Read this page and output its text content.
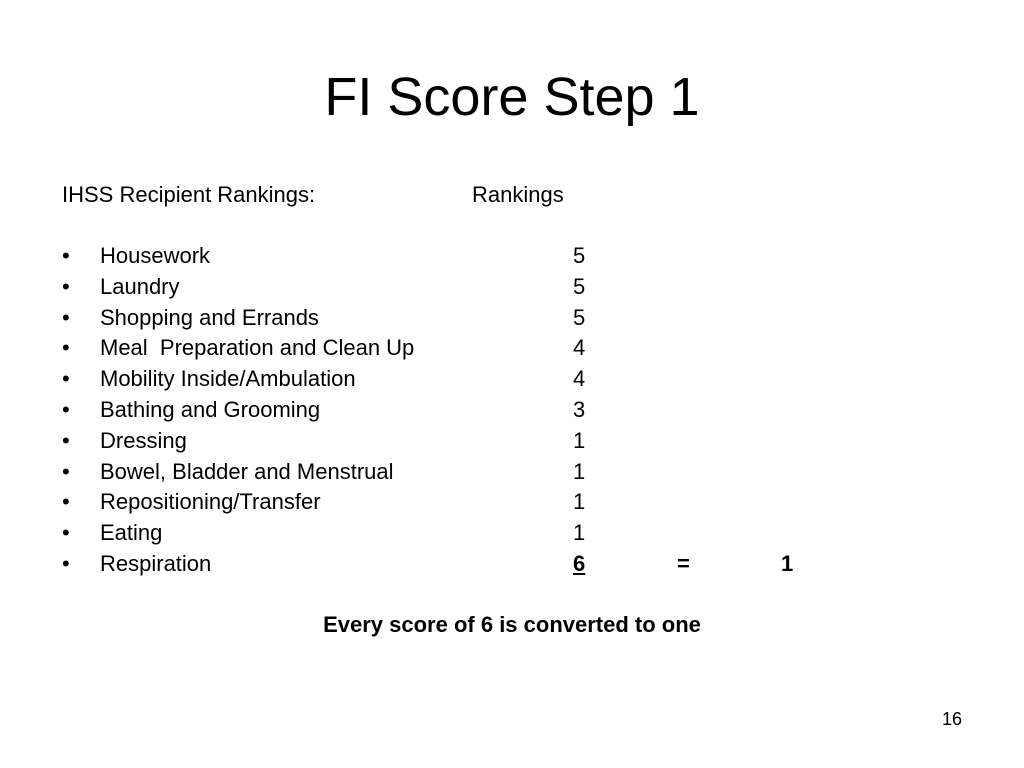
FI Score Step 1
IHSS Recipient Rankings:	Rankings
• Housework	5
• Laundry	5
• Shopping and Errands	5
• Meal  Preparation and Clean Up	4
• Mobility Inside/Ambulation	4
• Bathing and Grooming	3
• Dressing	1
• Bowel, Bladder and Menstrual	1
• Repositioning/Transfer	1
• Eating	1
• Respiration	6	=	1
Every score of 6 is converted to one
16
